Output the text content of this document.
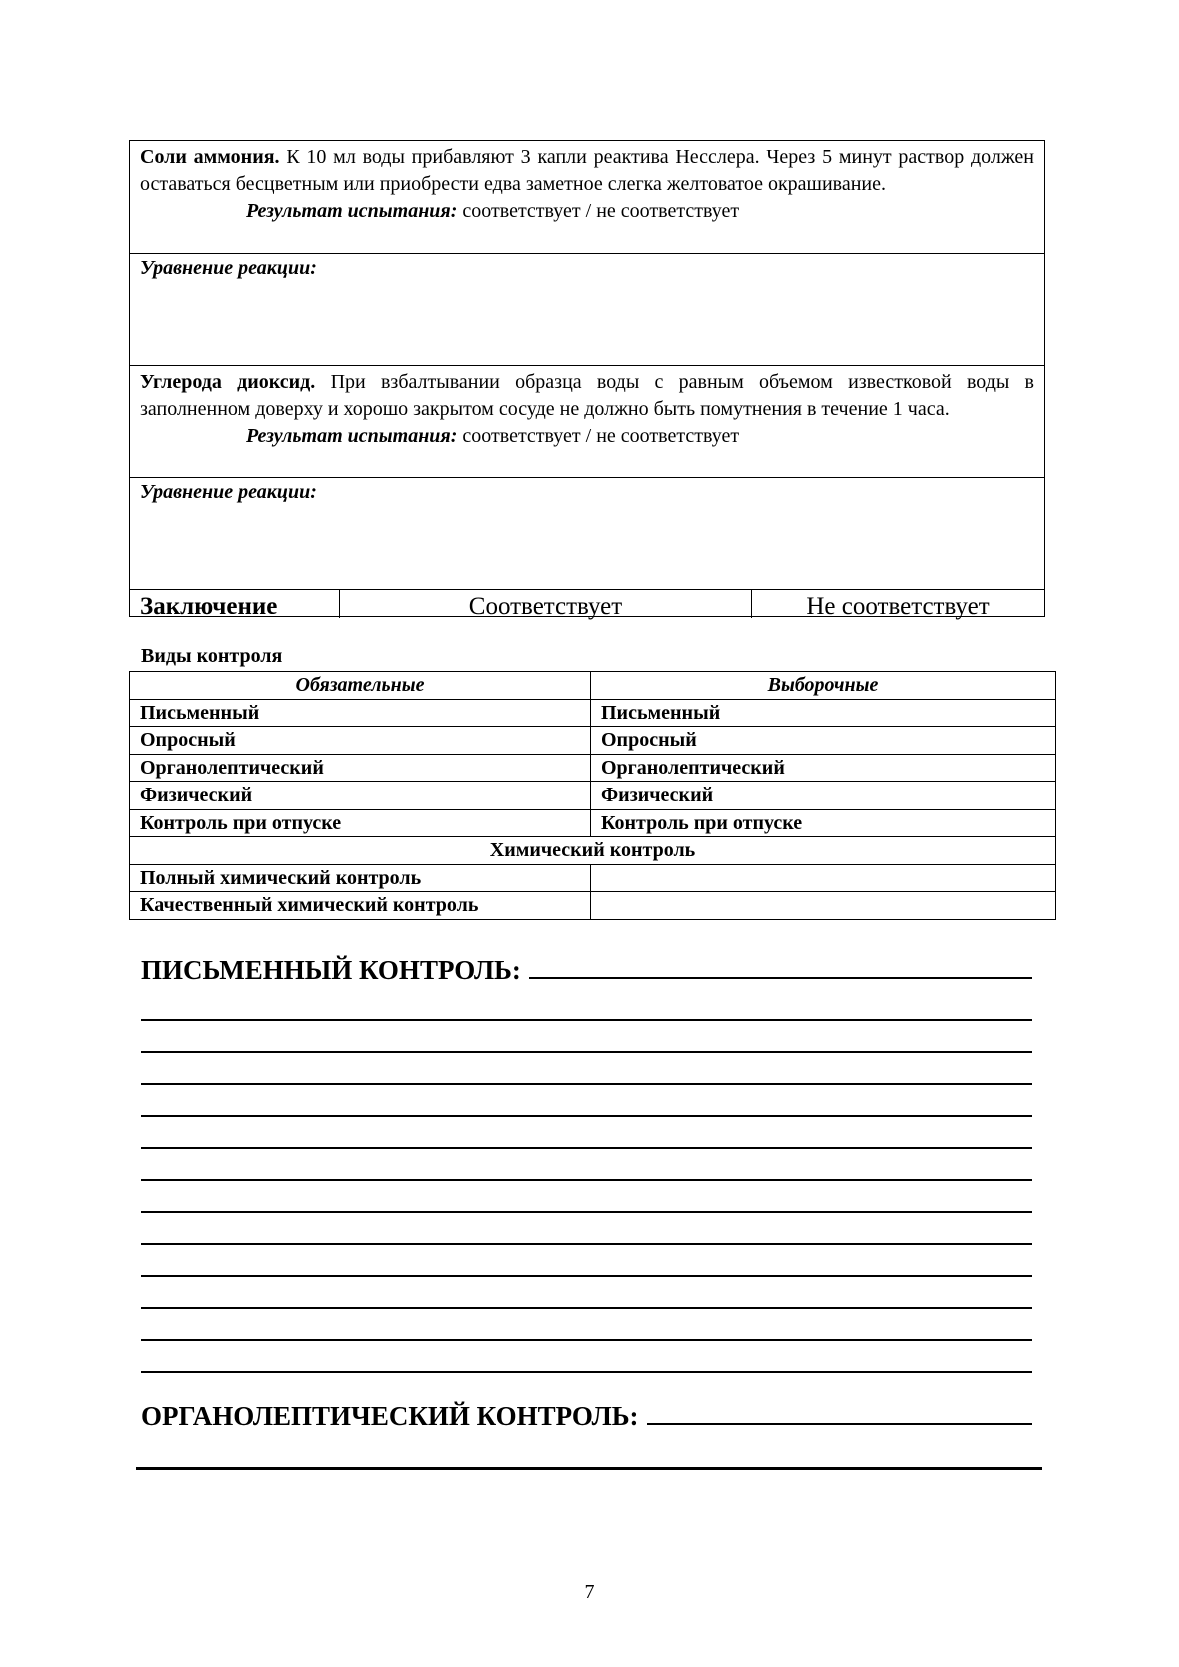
Соли аммония. К 10 мл воды прибавляют 3 капли реактива Несслера. Через 5 минут раствор должен оставаться бесцветным или приобрести едва заметное слегка желтоватое окрашивание.
Результат испытания: соответствует / не соответствует
Уравнение реакции:
Углерода диоксид. При взбалтывании образца воды с равным объемом известковой воды в заполненном доверху и хорошо закрытом сосуде не должно быть помутнения в течение 1 часа.
Результат испытания: соответствует / не соответствует
Уравнение реакции:
Заключение	Соответствует	Не соответствует
Виды контроля
Обязательные	Выборочные
Письменный	Письменный
Опросный	Опросный
Органолептический	Органолептический
Физический	Физический
Контроль при отпуске	Контроль при отпуске
Химический контроль	
Полный химический контроль	
Качественный химический контроль	
ПИСЬМЕННЫЙ КОНТРОЛЬ:
ОРГАНОЛЕПТИЧЕСКИЙ КОНТРОЛЬ:
7
